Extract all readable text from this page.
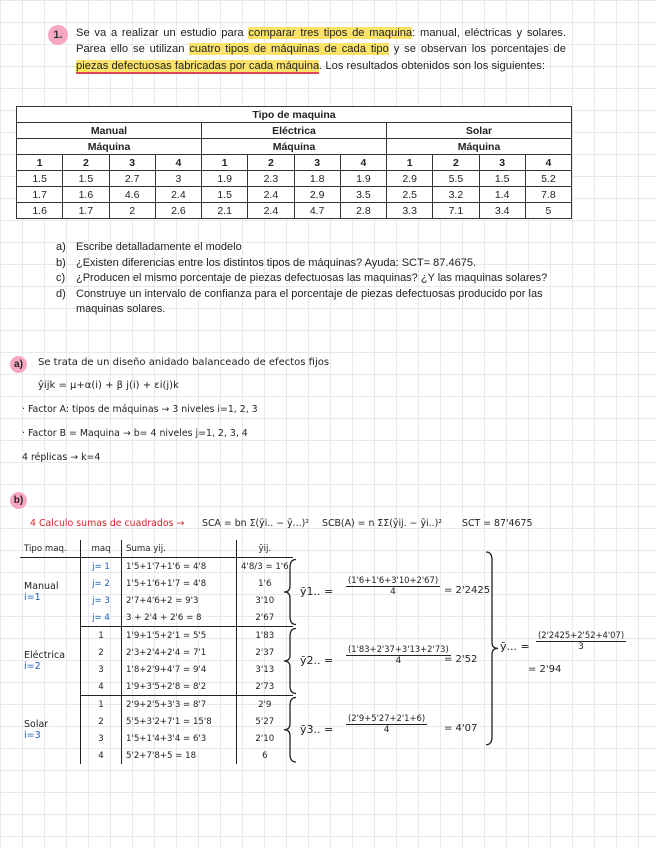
1.	Se va a realizar un estudio para comparar tres tipos de maquina: manual, eléctricas y solares. Parea ello se utilizan cuatro tipos de máquinas de cada tipo y se observan los porcentajes de piezas defectuosas fabricadas por cada máquina. Los resultados obtenidos son los siguientes:
Tipo de maquina											
Manual				Eléctrica				Solar			
Máquina				Máquina				Máquina			
1	2	3	4	1	2	3	4	1	2	3	4
1.5	1.5	2.7	3	1.9	2.3	1.8	1.9	2.9	5.5	1.5	5.2
1.7	1.6	4.6	2.4	1.5	2.4	2.9	3.5	2.5	3.2	1.4	7.8
1.6	1.7	2	2.6	2.1	2.4	4.7	2.8	3.3	7.1	3.4	5
a) Escribe detalladamente el modelo
b) ¿Existen diferencias entre los distintos tipos de máquinas? Ayuda: SCT= 87.4675.
c) ¿Producen el mismo porcentaje de piezas defectuosas las maquinas? ¿Y las maquinas solares?
d) Construye un intervalo de confianza para el porcentaje de piezas defectuosas producido por las maquinas solares.
a)	Se trata de un diseño anidado balanceado de efectos fijos
ŷijk = μ+α(i) + β j(i) + εi(j)k
· Factor A: tipos de máquinas → 3 niveles i=1, 2, 3
· Factor B = Maquina → b= 4 niveles j=1, 2, 3, 4
4 réplicas → k=4
b)
4 Calculo sumas de cuadrados → SCA = bn Σ(ȳi.. − ȳ...)² SCB(A) = n ΣΣ(ȳij. − ȳi..)² SCT = 87'4675
Tipo maq.	maq	Suma yij.	ȳij.

Manual
i=1	j= 1	1'5+1'7+1'6 = 4'8	4'8/3 = 1'6
	j= 2	1'5+1'6+1'7 = 4'8	1'6
	j= 3	2'7+4'6+2 = 9'3	3'10
	j= 4	3 + 2'4 + 2'6 = 8	2'67

Eléctrica
i=2	1	1'9+1'5+2'1 = 5'5	1'83
	2	2'3+2'4+2'4 = 7'1	2'37
	3	1'8+2'9+4'7 = 9'4	3'13
	4	1'9+3'5+2'8 = 8'2	2'73

Solar
i=3	1	2'9+2'5+3'3 = 8'7	2'9
	2	5'5+3'2+7'1 = 15'8	5'27
	3	1'5+1'4+3'4 = 6'3	2'10
	4	5'2+7'8+5 = 18	6
ȳ1.. = $\frac{(1'6+1'6+3'10+2'67)}{4} = 2'2425$
ȳ2.. = $\frac{(1'83+2'37+3'13+2'73)}{4}$
= 2'52
ȳ3.. = $\frac{(2'9+5'27+2'1+6)}{4} = 4'07$
ȳ... = $\frac{(2'2425+2'52+4'07)}{3}$
= 2'94
